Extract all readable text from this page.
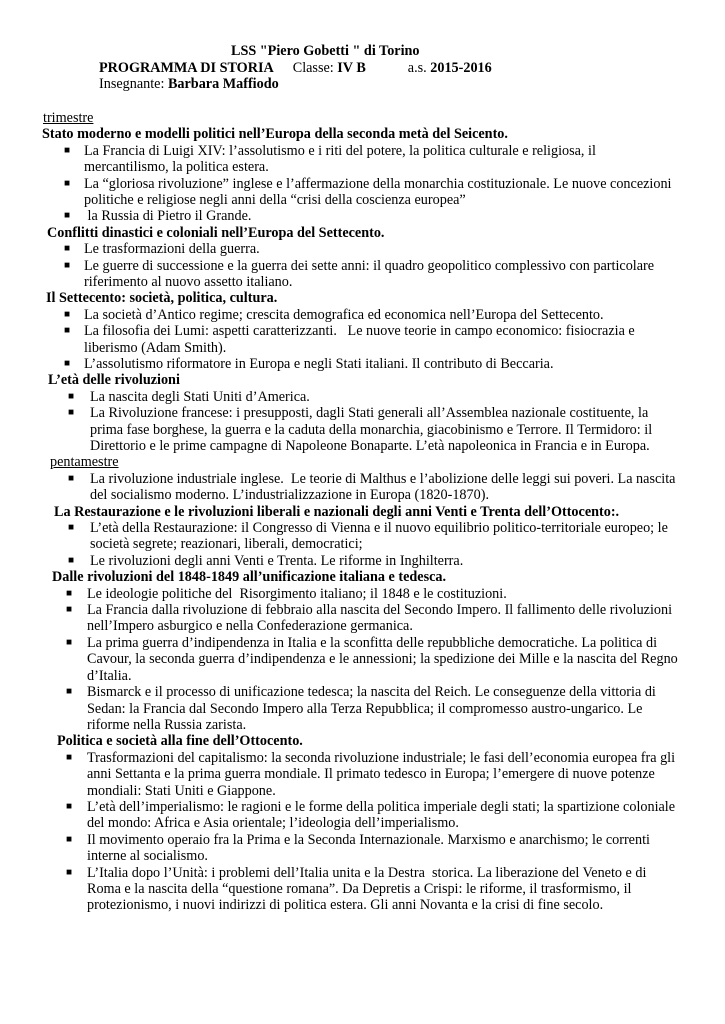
LSS "Piero Gobetti " di Torino
PROGRAMMA DI STORIA Classe: IV B	a.s. 2015-2016
Insegnante: Barbara Maffiodo
trimestre
Stato moderno e modelli politici nell’Europa della seconda metà del Seicento.
■ La Francia di Luigi XIV: l’assolutismo e i riti del potere, la politica culturale e religiosa, il mercantilismo, la politica estera.
■ La “gloriosa rivoluzione” inglese e l’affermazione della monarchia costituzionale. Le nuove concezioni politiche e religiose negli anni della “crisi della coscienza europea”
■ la Russia di Pietro il Grande.
Conflitti dinastici e coloniali nell’Europa del Settecento.
■ Le trasformazioni della guerra.
■ Le guerre di successione e la guerra dei sette anni: il quadro geopolitico complessivo con particolare riferimento al nuovo assetto italiano.
Il Settecento: società, politica, cultura.
■ La società d’Antico regime; crescita demografica ed economica nell’Europa del Settecento.
■ La filosofia dei Lumi: aspetti caratterizzanti.   Le nuove teorie in campo economico: fisiocrazia e liberismo (Adam Smith).
■ L’assolutismo riformatore in Europa e negli Stati italiani. Il contributo di Beccaria.
L’età delle rivoluzioni
■ La nascita degli Stati Uniti d’America.
■ La Rivoluzione francese: i presupposti, dagli Stati generali all’Assemblea nazionale costituente, la prima fase borghese, la guerra e la caduta della monarchia, giacobinismo e Terrore. Il Termidoro: il Direttorio e le prime campagne di Napoleone Bonaparte. L’età napoleonica in Francia e in Europa.
pentamestre
■ La rivoluzione industriale inglese.  Le teorie di Malthus e l’abolizione delle leggi sui poveri. La nascita del socialismo moderno. L’industrializzazione in Europa (1820-1870).
La Restaurazione e le rivoluzioni liberali e nazionali degli anni Venti e Trenta dell’Ottocento:.
■ L’età della Restaurazione: il Congresso di Vienna e il nuovo equilibrio politico-territoriale europeo; le società segrete; reazionari, liberali, democratici;
■ Le rivoluzioni degli anni Venti e Trenta. Le riforme in Inghilterra.
Dalle rivoluzioni del 1848-1849 all’unificazione italiana e tedesca.
■ Le ideologie politiche del  Risorgimento italiano; il 1848 e le costituzioni.
■ La Francia dalla rivoluzione di febbraio alla nascita del Secondo Impero. Il fallimento delle rivoluzioni nell’Impero asburgico e nella Confederazione germanica.
■ La prima guerra d’indipendenza in Italia e la sconfitta delle repubbliche democratiche. La politica di Cavour, la seconda guerra d’indipendenza e le annessioni; la spedizione dei Mille e la nascita del Regno d’Italia.
■ Bismarck e il processo di unificazione tedesca; la nascita del Reich. Le conseguenze della vittoria di Sedan: la Francia dal Secondo Impero alla Terza Repubblica; il compromesso austro-ungarico. Le riforme nella Russia zarista.
Politica e società alla fine dell’Ottocento.
■ Trasformazioni del capitalismo: la seconda rivoluzione industriale; le fasi dell’economia europea fra gli anni Settanta e la prima guerra mondiale. Il primato tedesco in Europa; l’emergere di nuove potenze mondiali: Stati Uniti e Giappone.
■ L’età dell’imperialismo: le ragioni e le forme della politica imperiale degli stati; la spartizione coloniale del mondo: Africa e Asia orientale; l’ideologia dell’imperialismo.
■ Il movimento operaio fra la Prima e la Seconda Internazionale. Marxismo e anarchismo; le correnti interne al socialismo.
■ L’Italia dopo l’Unità: i problemi dell’Italia unita e la Destra  storica. La liberazione del Veneto e di Roma e la nascita della “questione romana”. Da Depretis a Crispi: le riforme, il trasformismo, il protezionismo, i nuovi indirizzi di politica estera. Gli anni Novanta e la crisi di fine secolo.
